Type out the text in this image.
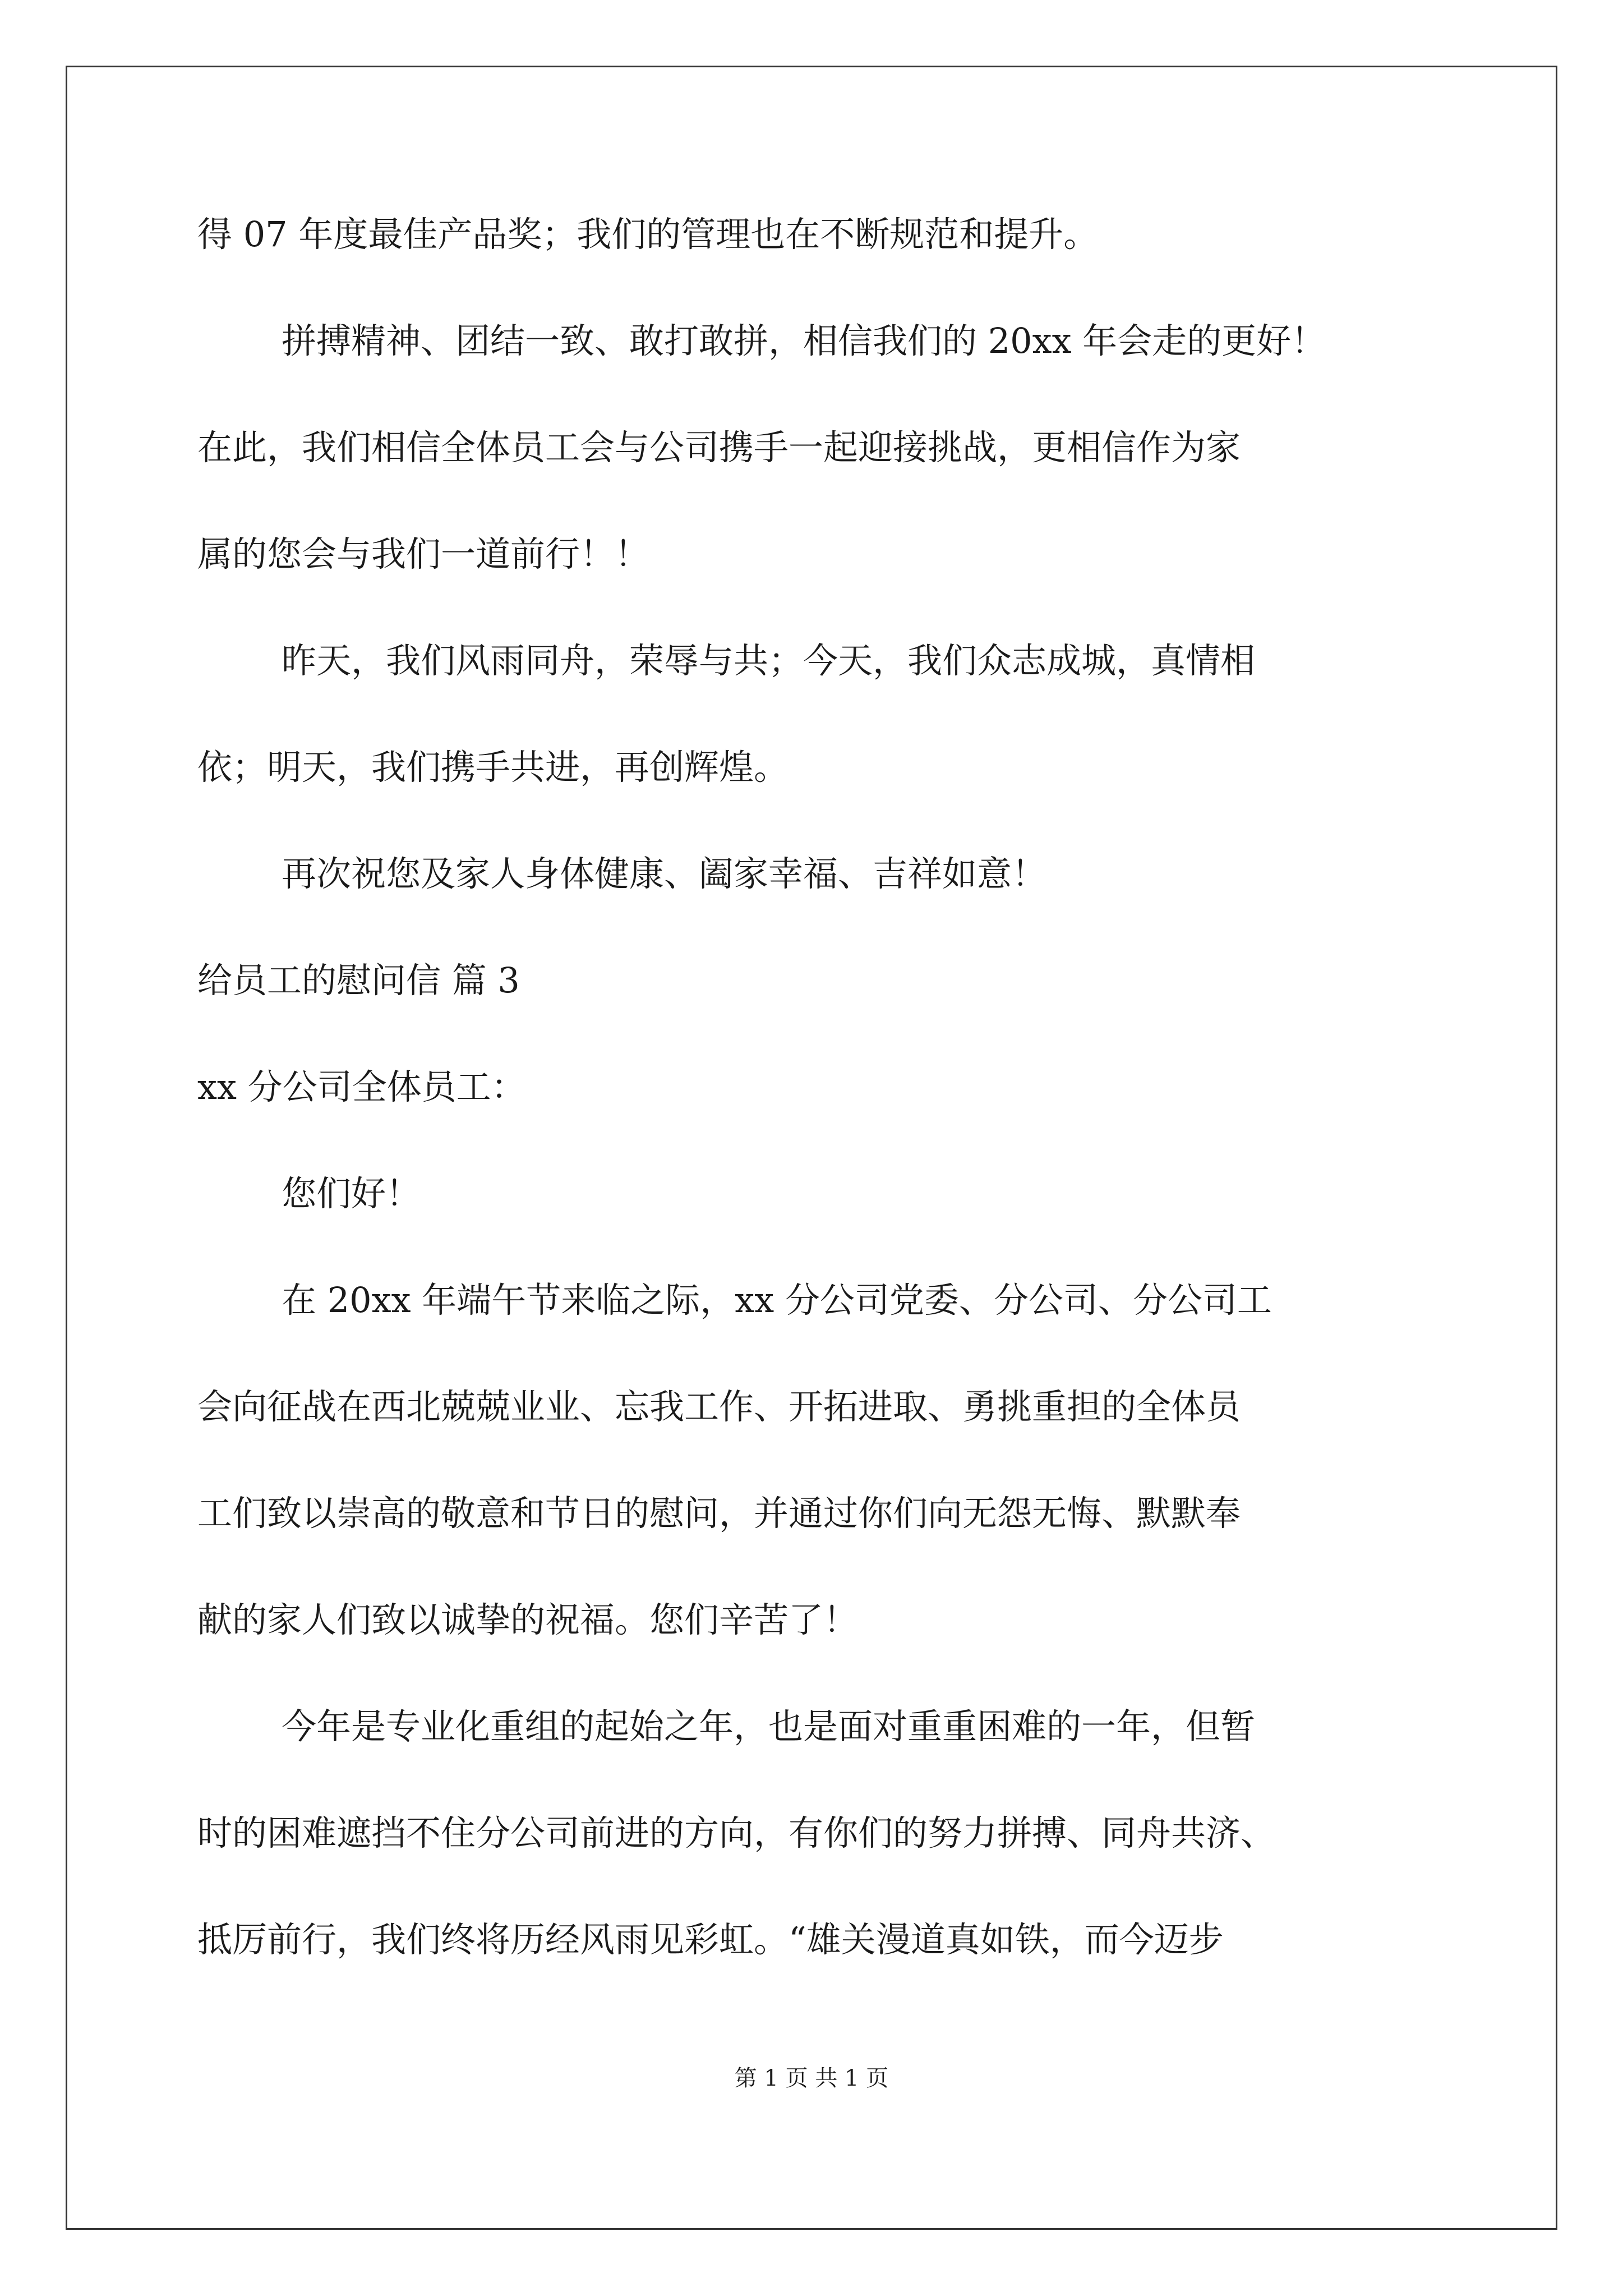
得 07 年度最佳产品奖；我们的管理也在不断规范和提升。
拼搏精神、团结一致、敢打敢拼，相信我们的 20xx 年会走的更好！
在此，我们相信全体员工会与公司携手一起迎接挑战，更相信作为家
属的您会与我们一道前行！！
昨天，我们风雨同舟，荣辱与共；今天，我们众志成城，真情相
依；明天，我们携手共进，再创辉煌。
再次祝您及家人身体健康、阖家幸福、吉祥如意！
给员工的慰问信 篇 3
xx 分公司全体员工：
您们好！
在 20xx 年端午节来临之际，xx 分公司党委、分公司、分公司工
会向征战在西北兢兢业业、忘我工作、开拓进取、勇挑重担的全体员
工们致以崇高的敬意和节日的慰问，并通过你们向无怨无悔、默默奉
献的家人们致以诚挚的祝福。您们辛苦了！
今年是专业化重组的起始之年，也是面对重重困难的一年，但暂
时的困难遮挡不住分公司前进的方向，有你们的努力拼搏、同舟共济、
抵厉前行，我们终将历经风雨见彩虹。“雄关漫道真如铁，而今迈步
第 1 页 共 1 页
